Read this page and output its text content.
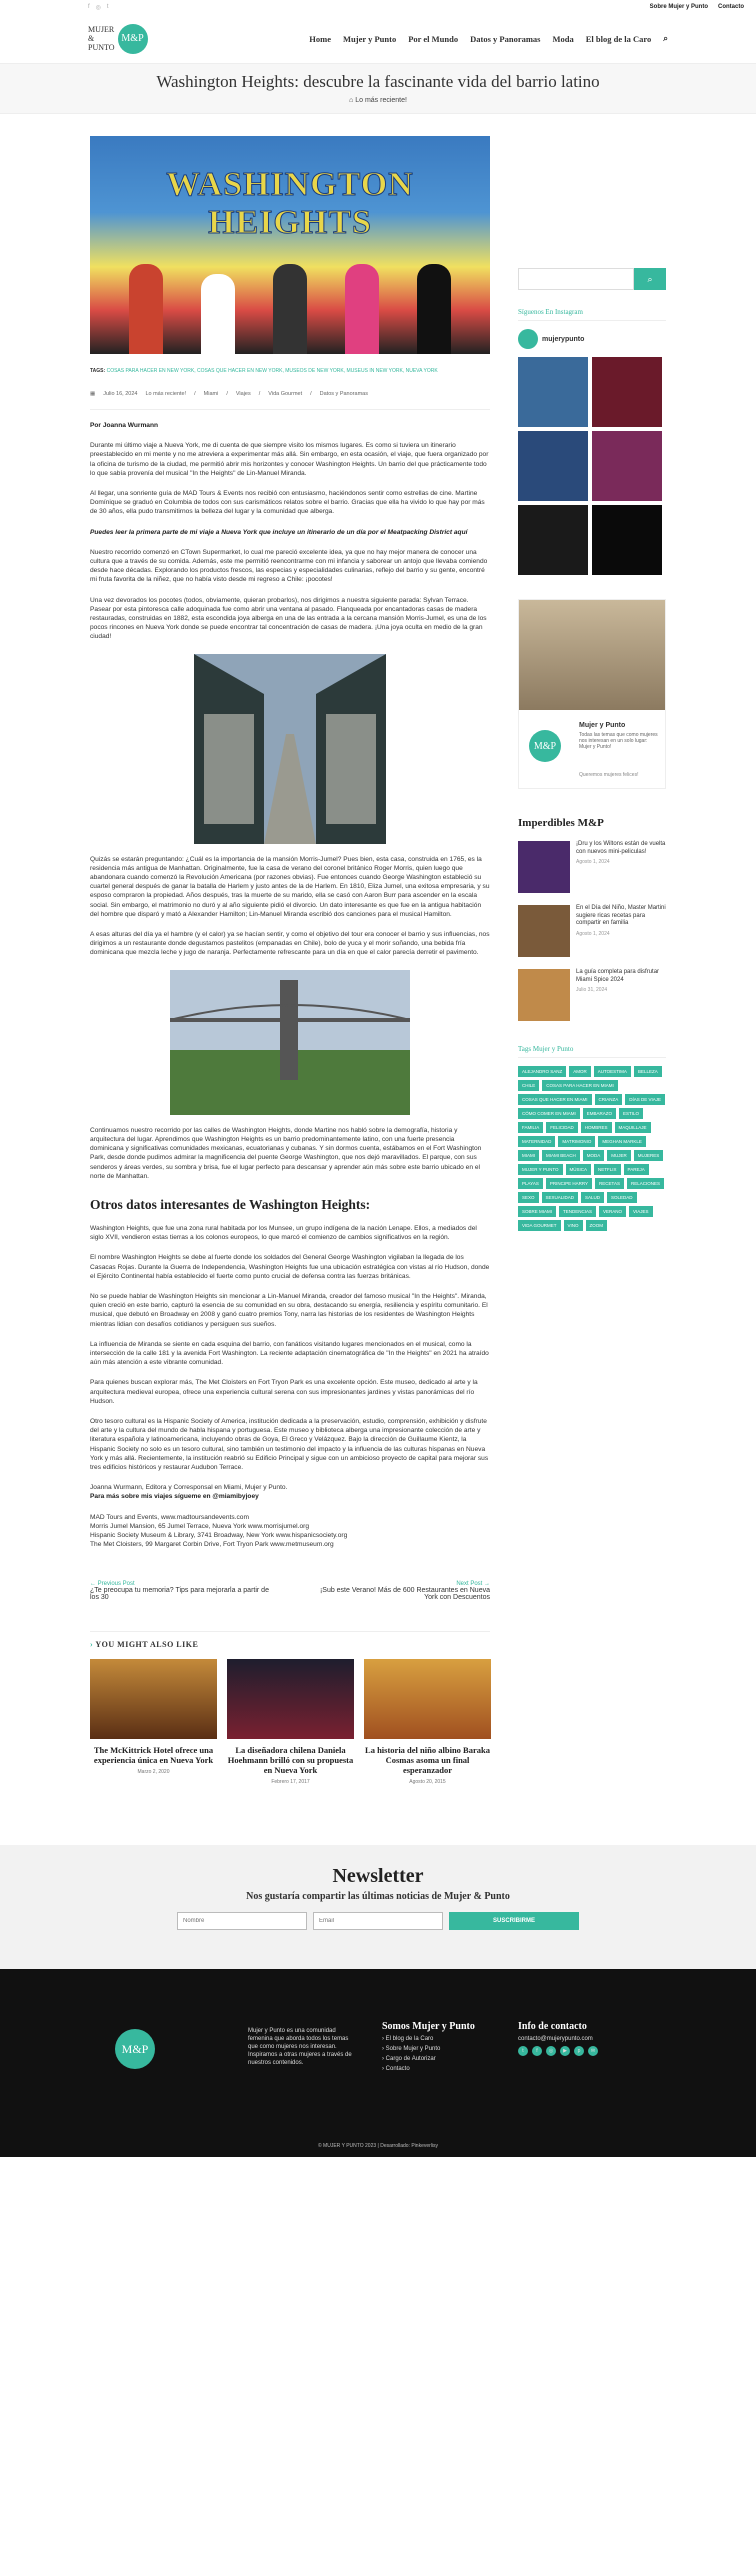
f ◎ t	Sobre Mujer y Punto Contacto
MUJER
&
PUNTO
M&P	Home Mujer y Punto Por el Mundo Datos y Panoramas Moda El blog de la Caro ⌕
Washington Heights: descubre la fascinante vida del barrio latino
⌂ Lo más reciente!
WASHINGTON HEIGHTS
TAGS: COSAS PARA HACER EN NEW YORK, COSAS QUE HACER EN NEW YORK, MUSEOS DE NEW YORK, MUSEUS IN NEW YORK, NUEVA YORK
▦ Julio 16, 2024 Lo más reciente! / Miami / Viajes / Vida Gourmet / Datos y Panoramas

Por Joanna Wurmann

Durante mi último viaje a Nueva York, me di cuenta de que siempre visito los mismos lugares. Es como si tuviera un itinerario preestablecido en mi mente y no me atreviera a experimentar más allá. Sin embargo, en esta ocasión, el viaje, que fuera organizado por la oficina de turismo de la ciudad, me permitió abrir mis horizontes y conocer Washington Heights. Un barrio del que prácticamente todo lo que sabía provenía del musical "In the Heights" de Lin-Manuel Miranda.

Al llegar, una sonriente guía de MAD Tours & Events nos recibió con entusiasmo, haciéndonos sentir como estrellas de cine. Martine Domínique se graduó en Columbia de todos con sus carismáticos relatos sobre el barrio. Gracias que ella ha vivido lo que hay por más de 30 años, ella pudo transmitirnos la belleza del lugar y la comunidad que alberga.

Puedes leer la primera parte de mi viaje a Nueva York que incluye un itinerario de un día por el Meatpacking District aquí

Nuestro recorrido comenzó en CTown Supermarket, lo cual me pareció excelente idea, ya que no hay mejor manera de conocer una cultura que a través de su comida. Además, este me permitió reencontrarme con mi infancia y saborear un antojo que llevaba comiendo desde hace décadas. Explorando los productos frescos, las especias y especialidades culinarias, reflejo del barrio y su gente, encontré mi fruta favorita de la niñez, que no había visto desde mi regreso a Chile: ¡pocotes!

Una vez devorados los pocotes (todos, obviamente, quieran probarlos), nos dirigimos a nuestra siguiente parada: Sylvan Terrace. Pasear por esta pintoresca calle adoquinada fue como abrir una ventana al pasado. Flanqueada por encantadoras casas de madera restauradas, construidas en 1882, esta escondida joya alberga en una de las entrada a la cercana mansión Morris-Jumel, es una de los pocos rincones en Nueva York donde se puede encontrar tal concentración de casas de madera. ¡Una joya oculta en medio de la gran ciudad!

Quizás se estarán preguntando: ¿Cuál es la importancia de la mansión Morris-Jumel? Pues bien, esta casa, construida en 1765, es la residencia más antigua de Manhattan. Originalmente, fue la casa de verano del coronel británico Roger Morris, quien luego que abandonara cuando comenzó la Revolución Americana (por razones obvias). Fue entonces cuando George Washington estableció su cuartel general después de ganar la batalla de Harlem y justo antes de la de Harlem. En 1810, Eliza Jumel, una exitosa empresaria, y su esposo compraron la propiedad. Años después, tras la muerte de su marido, ella se casó con Aaron Burr para ascender en la escala social. Sin embargo, el matrimonio no duró y al año siguiente pidió el divorcio. Un dato interesante es que fue en la antigua habitación del hombre que disparó y mató a Alexander Hamilton; Lin-Manuel Miranda escribió dos canciones para el musical Hamilton.

A esas alturas del día ya el hambre (y el calor) ya se hacían sentir, y como el objetivo del tour era conocer el barrio y sus influencias, nos dirigimos a un restaurante donde degustamos pastelitos (empanadas en Chile), bolo de yuca y el morir soñando, una bebida fría dominicana que mezcla leche y jugo de naranja. Perfectamente refrescante para un día en que el calor parecía derretir el pavimento.

Continuamos nuestro recorrido por las calles de Washington Heights, donde Martine nos habló sobre la demografía, historia y arquitectura del lugar. Aprendimos que Washington Heights es un barrio predominantemente latino, con una fuerte presencia dominicana y significativas comunidades mexicanas, ecuatorianas y cubanas. Y sin dormos cuenta, estábamos en el Fort Washington Park, desde donde pudimos admirar la magnificencia del puente George Washington, que nos dejó maravillados. El parque, con sus senderos y áreas verdes, su sombra y brisa, fue el lugar perfecto para descansar y aprender aún más sobre este barrio ubicado en el norte de Manhattan.

Otros datos interesantes de Washington Heights:

Washington Heights, que fue una zona rural habitada por los Munsee, un grupo indígena de la nación Lenape. Ellos, a mediados del siglo XVII, vendieron estas tierras a los colonos europeos, lo que marcó el comienzo de cambios significativos en la región.

El nombre Washington Heights se debe al fuerte donde los soldados del General George Washington vigilaban la llegada de los Casacas Rojas. Durante la Guerra de Independencia, Washington Heights fue una ubicación estratégica con vistas al río Hudson, donde el Ejército Continental había establecido el fuerte como punto crucial de defensa contra las fuerzas británicas.

No se puede hablar de Washington Heights sin mencionar a Lin-Manuel Miranda, creador del famoso musical "In the Heights". Miranda, quien creció en este barrio, capturó la esencia de su comunidad en su obra, destacando su energía, resiliencia y espíritu comunitario. El musical, que debutó en Broadway en 2008 y ganó cuatro premios Tony, narra las historias de los residentes de Washington Heights mientras lidian con desafíos cotidianos y persiguen sus sueños.

La influencia de Miranda se siente en cada esquina del barrio, con fanáticos visitando lugares mencionados en el musical, como la intersección de la calle 181 y la avenida Fort Washington. La reciente adaptación cinematográfica de "In the Heights" en 2021 ha atraído aún más atención a este vibrante comunidad.

Para quienes buscan explorar más, The Met Cloisters en Fort Tryon Park es una excelente opción. Este museo, dedicado al arte y la arquitectura medieval europea, ofrece una experiencia cultural serena con sus impresionantes jardines y vistas panorámicas del río Hudson.

Otro tesoro cultural es la Hispanic Society of America, institución dedicada a la preservación, estudio, comprensión, exhibición y disfrute del arte y la cultura del mundo de habla hispana y portuguesa. Este museo y biblioteca alberga una impresionante colección de arte y literatura española y latinoamericana, incluyendo obras de Goya, El Greco y Velázquez. Bajo la dirección de Guillaume Kientz, la Hispanic Society no solo es un tesoro cultural, sino también un testimonio del impacto y la influencia de las culturas hispanas en Nueva York y más allá. Recientemente, la institución reabrió su Edificio Principal y sigue con un ambicioso proyecto de capital para mejorar sus tres edificios históricos y restaurar Audubon Terrace.

Joanna Wurmann, Editora y Corresponsal en Miami, Mujer y Punto.
Para más sobre mis viajes sígueme en @miamibyjoey

MAD Tours and Events, www.madtoursandevents.com
Morris Jumel Mansion, 65 Jumel Terrace, Nueva York www.morrisjumel.org
Hispanic Society Museum & Library, 3741 Broadway, New York www.hispanicsociety.org
The Met Cloisters, 99 Margaret Corbin Drive, Fort Tryon Park www.metmuseum.org

← Previous Post
¿Te preocupa tu memoria? Tips para mejorarla a partir de los 30
Next Post →
¡Sub este Verano! Más de 600 Restaurantes en Nueva York con Descuentos
› YOU MIGHT ALSO LIKE
The McKittrick Hotel ofrece una experiencia única en Nueva York
Marzo 2, 2020
La diseñadora chilena Daniela Hoehmann brilló con su propuesta en Nueva York
Febrero 17, 2017
La historia del niño albino Baraka Cosmas asoma un final esperanzador
Agosto 20, 2015
⌕
Síguenos En Instagram
mujerypunto
M&P
Mujer y Punto
Todas las temas que como mujeres nos interesan en un solo lugar: Mujer y Punto!
Queremos mujeres felices!
Imperdibles M&P
¡Dru y los Wiltons están de vuelta con nuevos mini-peliculas!
Agosto 1, 2024
En el Día del Niño, Master Martini sugiere ricas recetas para compartir en familia
Agosto 1, 2024
La guía completa para disfrutar Miami Spice 2024
Julio 31, 2024
Tags Mujer y Punto
ALEJANDRO SANZ	AMOR	AUTOESTIMA	BELLEZA
CHILE	COSAS PARA HACER EN MIAMI
COSAS QUE HACER EN MIAMI	CRIANZA	DÍAS DE VIAJE
CÓMO COMER EN MIAMI	EMBARAZO	ESTILO
FAMILIA	FELICIDAD	HOMBRES	MAQUILLAJE
MATERNIDAD	MATRIMONIO	MEGHAN MARKLE
MIAMI	MIAMI BEACH	MODA	MUJER	MUJERES
MUJER Y PUNTO	MÚSICA	NETFLIX	PAREJA
PLAYAS	PRINCIPE HARRY	RECETAS	RELACIONES
SEXO	SEXUALIDAD	SALUD	SOLEDAD
SOBRE MIAMI	TENDENCIAS	VERANO	VIAJES
VIDA GOURMET	VINO	ZOOM
Newsletter

Nos gustaría compartir las últimas noticias de Mujer & Punto

Nombre
Email
SUSCRIBIRME
M&P
Mujer y Punto es una comunidad femenina que aborda todos los temas que como mujeres nos interesan. Inspiramos a otras mujeres a través de nuestros contenidos.
Somos Mujer y Punto
› El blog de la Caro
› Sobre Mujer y Punto
› Cargo de Autorizar
› Contacto
Info de contacto
contacto@mujerypunto.com
t	f	◎	▶	p	✉
© MUJER Y PUNTO 2023 | Desarrollado: Pinkeverlisy
